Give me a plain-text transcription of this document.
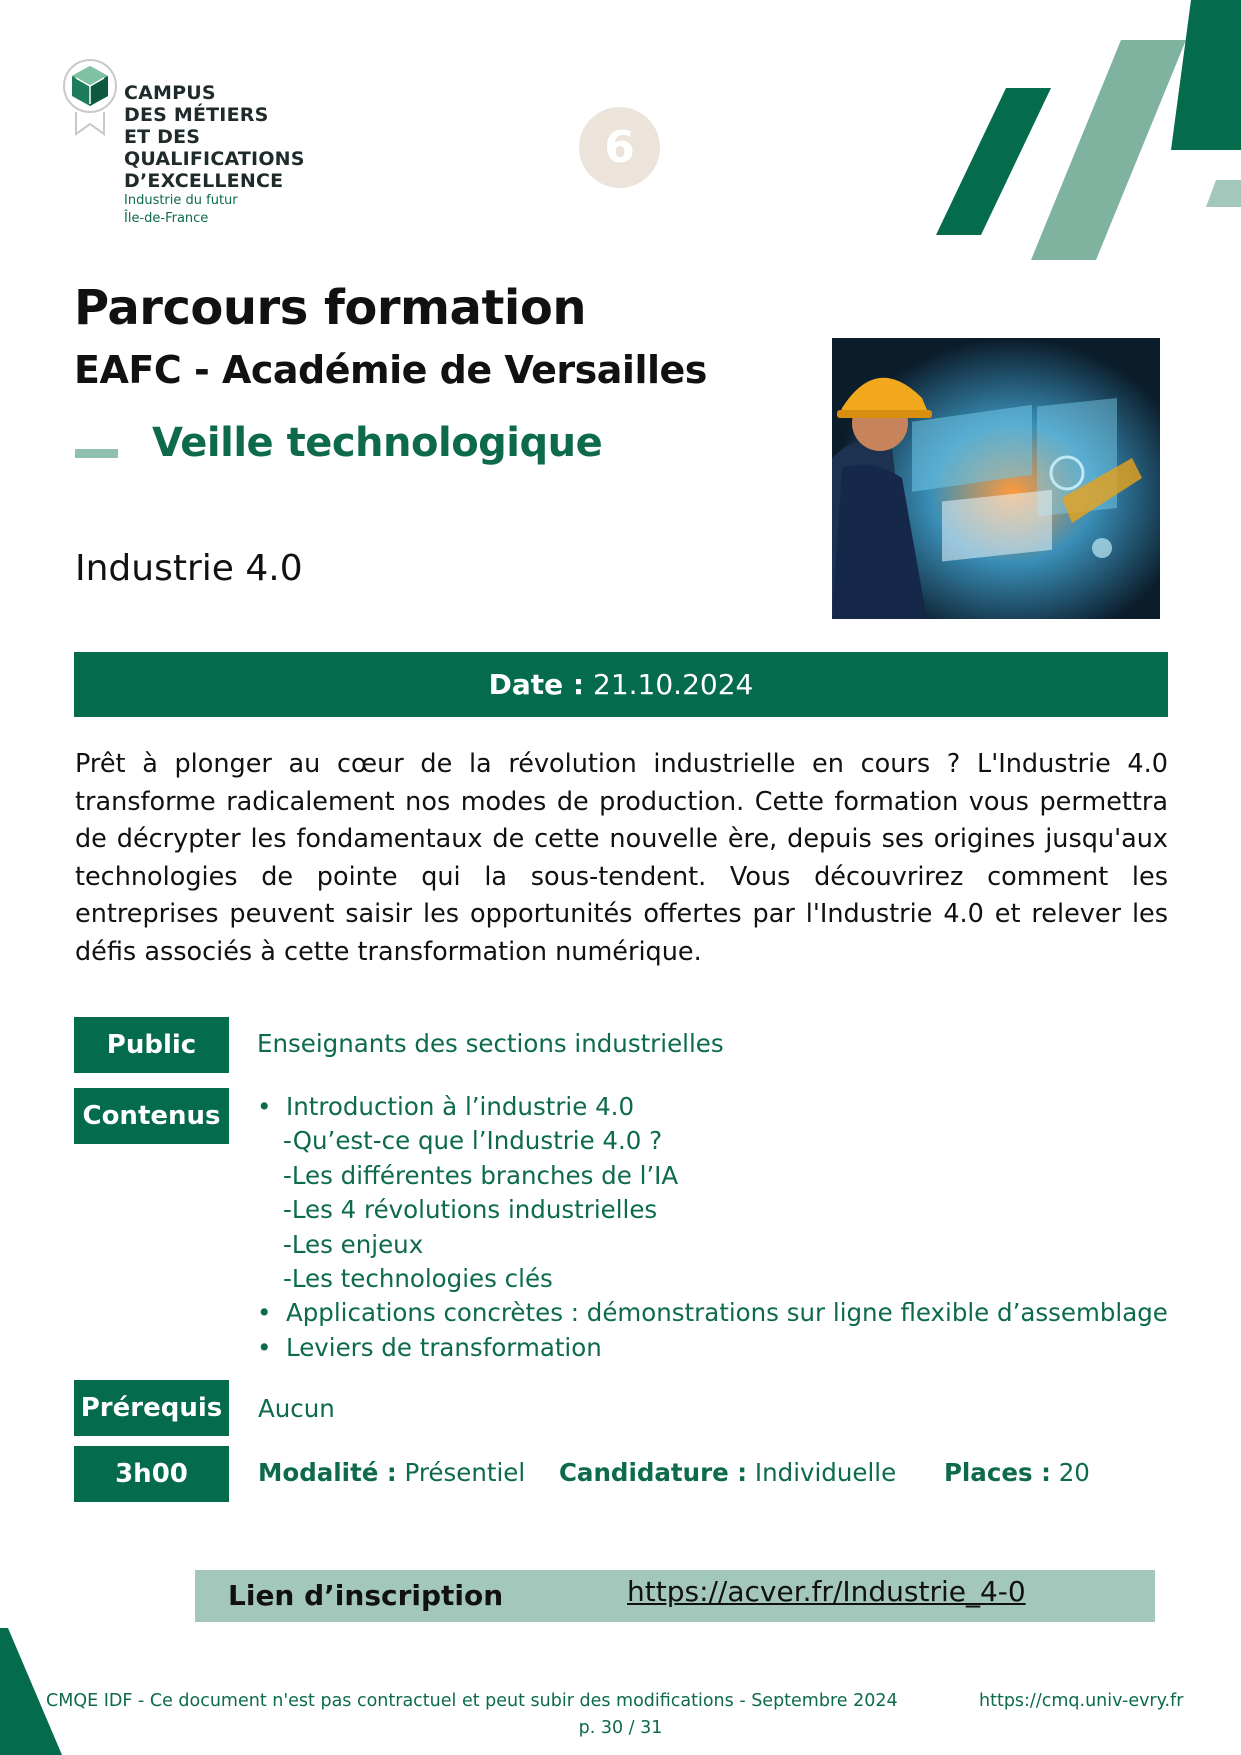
CAMPUS
DES MÉTIERS
ET DES
QUALIFICATIONS
D’EXCELLENCE
Industrie du futur
Île-de-France
6
Parcours formation
EAFC - Académie de Versailles
Veille technologique
Industrie 4.0
Date : 21.10.2024

Prêt à plonger au cœur de la révolution industrielle en cours ? L'Industrie 4.0 transforme radicalement nos modes de production. Cette formation vous permettra de décrypter les fondamentaux de cette nouvelle ère, depuis ses origines jusqu'aux technologies de pointe qui la sous-tendent. Vous découvrirez comment les entreprises peuvent saisir les opportunités offertes par l'Industrie 4.0 et relever les défis associés à cette transformation numérique.

Public	Enseignants des sections industrielles
Contenus
•	Introduction à l’industrie 4.0
-Qu’est-ce que l’Industrie 4.0 ?
-Les différentes branches de l’IA
-Les 4 révolutions industrielles
-Les enjeux
-Les technologies clés
• Applications concrètes : démonstrations sur ligne flexible d’assemblage
• Leviers de transformation
Prérequis Aucun
3h00	Modalité : Présentiel Candidature : Individuelle Places : 20
Lien d’inscription	https://acver.fr/Industrie_4-0
CMQE IDF - Ce document n'est pas contractuel et peut subir des modifications - Septembre 2024	https://cmq.univ-evry.fr
p. 30 / 31
